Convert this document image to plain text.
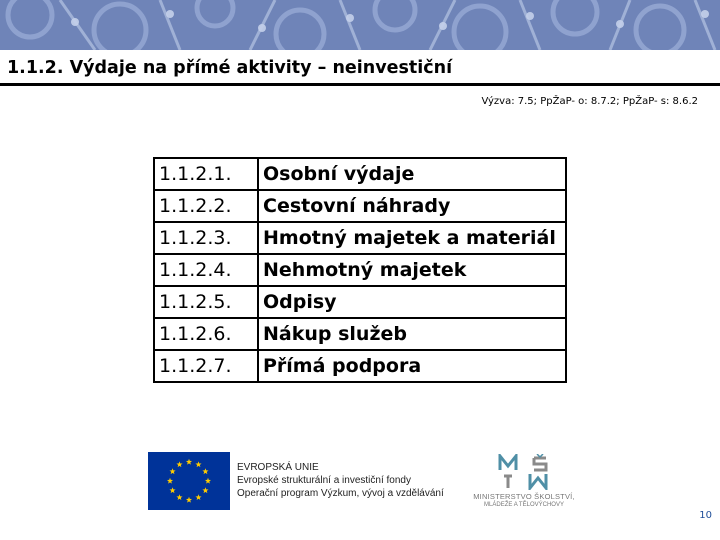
1.1.2. Výdaje na přímé aktivity – neinvestiční
Výzva: 7.5; PpŽaP- o: 8.7.2; PpŽaP- s: 8.6.2
1.1.2.1.	Osobní výdaje
1.1.2.2.	Cestovní náhrady
1.1.2.3.	Hmotný majetek a materiál
1.1.2.4.	Nehmotný majetek
1.1.2.5.	Odpisy
1.1.2.6.	Nákup služeb
1.1.2.7.	Přímá podpora
EVROPSKÁ UNIE
Evropské strukturální a investiční fondy
Operační program Výzkum, vývoj a vzdělávání	MINISTERSTVO ŠKOLSTVÍ,
MLÁDEŽE A TĚLOVÝCHOVY
10
